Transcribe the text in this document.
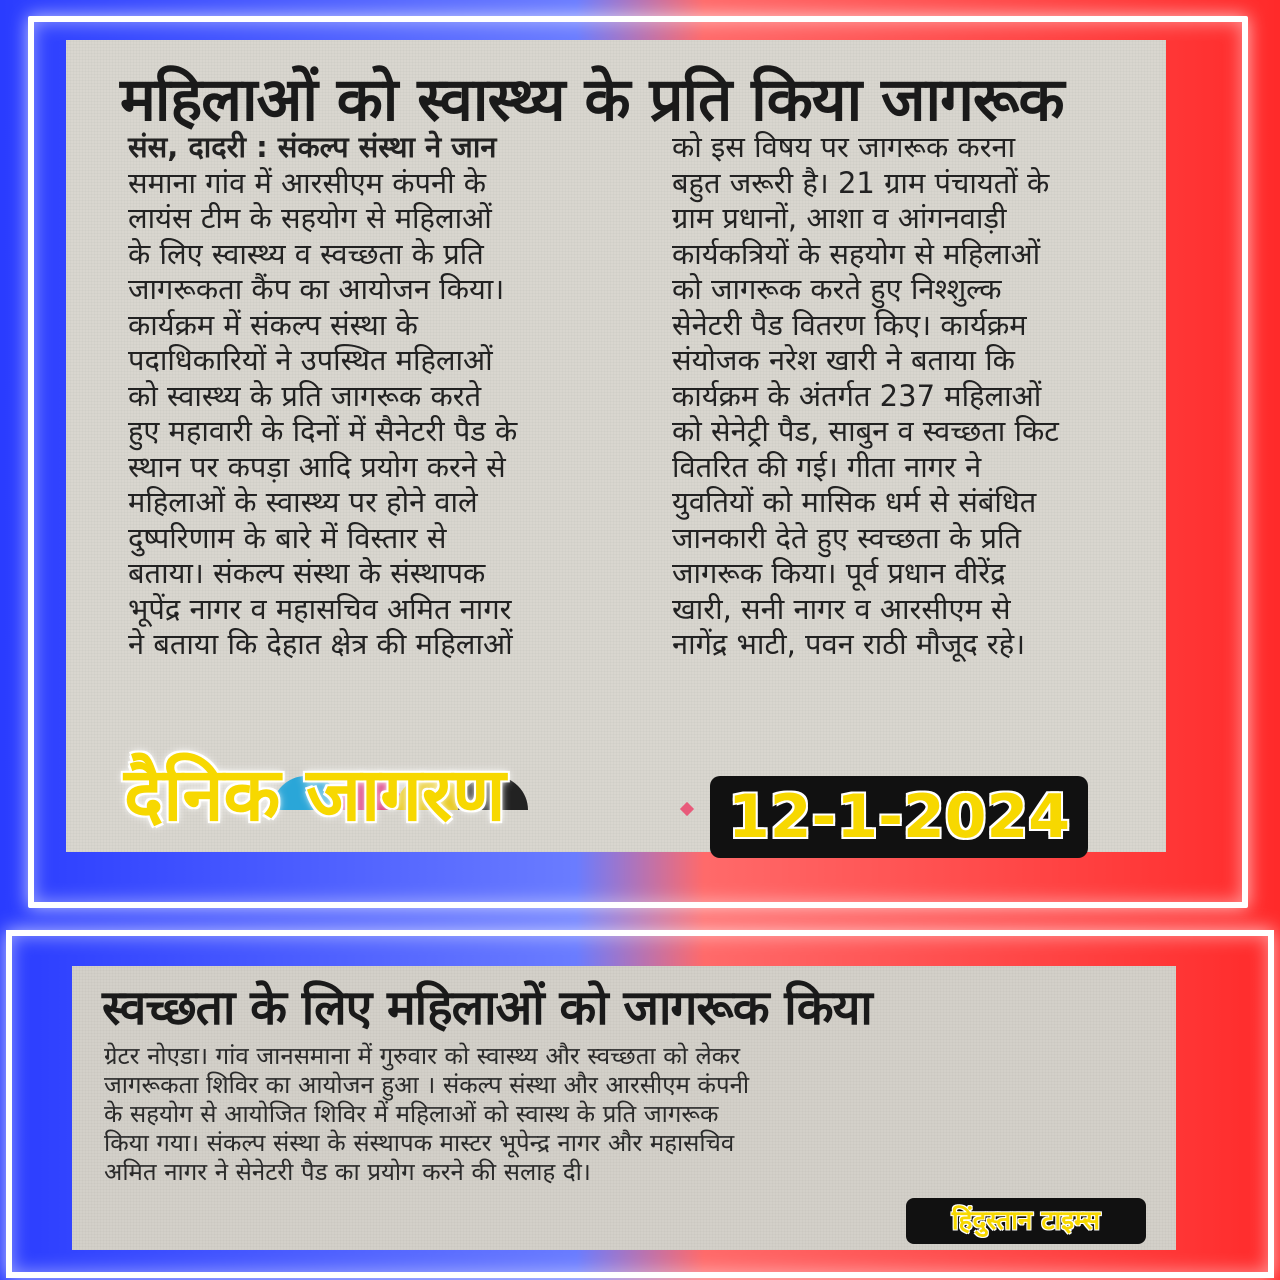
महिलाओं को स्वास्थ्य के प्रति किया जागरूक
संस, दादरी : संकल्प संस्था ने जान
समाना गांव में आरसीएम कंपनी के
लायंस टीम के सहयोग से महिलाओं
के लिए स्वास्थ्य व स्वच्छता के प्रति
जागरूकता कैंप का आयोजन किया।
कार्यक्रम में संकल्प संस्था के
पदाधिकारियों ने उपस्थित महिलाओं
को स्वास्थ्य के प्रति जागरूक करते
हुए महावारी के दिनों में सैनेटरी पैड के
स्थान पर कपड़ा आदि प्रयोग करने से
महिलाओं के स्वास्थ्य पर होने वाले
दुष्परिणाम के बारे में विस्तार से
बताया। संकल्प संस्था के संस्थापक
भूपेंद्र नागर व महासचिव अमित नागर
ने बताया कि देहात क्षेत्र की महिलाओं
को इस विषय पर जागरूक करना
बहुत जरूरी है। 21 ग्राम पंचायतों के
ग्राम प्रधानों, आशा व आंगनवाड़ी
कार्यकत्रियों के सहयोग से महिलाओं
को जागरूक करते हुए निश्शुल्क
सेनेटरी पैड वितरण किए। कार्यक्रम
संयोजक नरेश खारी ने बताया कि
कार्यक्रम के अंतर्गत 237 महिलाओं
को सेनेट्री पैड, साबुन व स्वच्छता किट
वितरित की गई। गीता नागर ने
युवतियों को मासिक धर्म से संबंधित
जानकारी देते हुए स्वच्छता के प्रति
जागरूक किया। पूर्व प्रधान वीरेंद्र
खारी, सनी नागर व आरसीएम से
नागेंद्र भाटी, पवन राठी मौजूद रहे।
दैनिक जागरण	12-1-2024
स्वच्छता के लिए महिलाओं को जागरूक किया
ग्रेटर नोएडा। गांव जानसमाना में गुरुवार को स्वास्थ्य और स्वच्छता को लेकर
जागरूकता शिविर का आयोजन हुआ । संकल्प संस्था और आरसीएम कंपनी
के सहयोग से आयोजित शिविर में महिलाओं को स्वास्थ के प्रति जागरूक
किया गया। संकल्प संस्था के संस्थापक मास्टर भूपेन्द्र नागर और महासचिव
अमित नागर ने सेनेटरी पैड का प्रयोग करने की सलाह दी।
हिंदुस्तान टाइम्स
